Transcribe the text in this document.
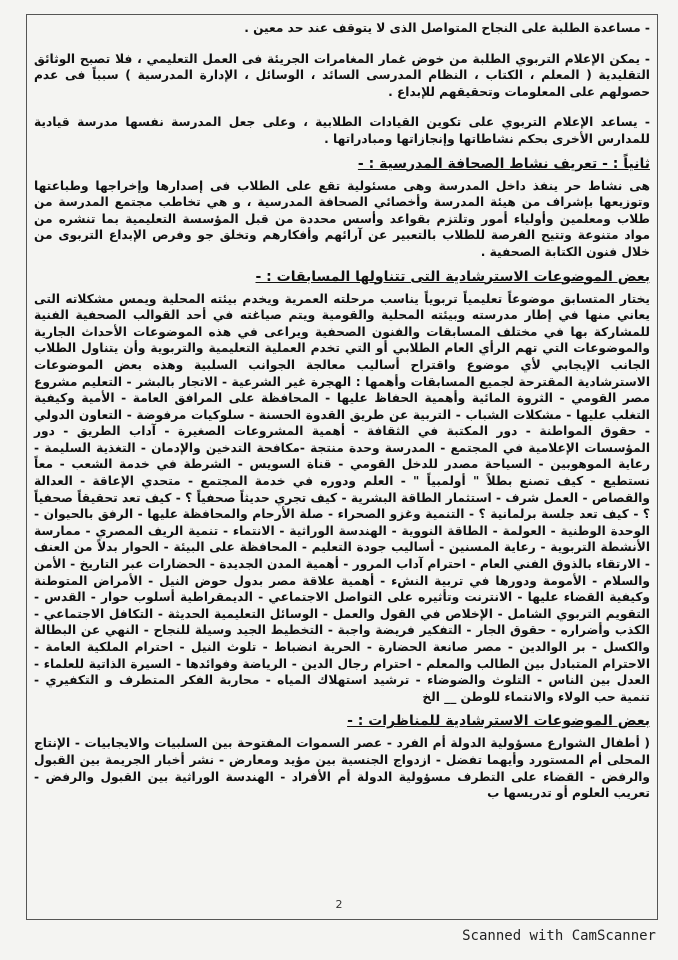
- مساعدة الطلبة على النجاح المتواصل الذى لا يتوقف عند حد معين .

- يمكن الإعلام التربوي الطلبة من خوض غمار المغامرات الجريئة فى العمل التعليمي ، فلا تصبح الوثائق التقليدية ( المعلم ، الكتاب ، النظام المدرسى السائد ، الوسائل ، الإدارة المدرسية ) سبباً فى عدم حصولهم على المعلومات وتحقيقهم للإبداع .

- يساعد الإعلام التربوي على تكوين القيادات الطلابية ، وعلى جعل المدرسة نفسها مدرسة قيادية للمدارس الأخرى بحكم نشاطاتها وإنجازاتها ومبادراتها .

ثانياً : - تعريف نشاط الصحافة المدرسية : -

هى نشاط حر ينفذ داخل المدرسة وهى مسئولية تقع على الطلاب فى إصدارها وإخراجها وطباعتها وتوزيعها بإشراف من هيئة المدرسة وأخصائي الصحافة المدرسية ، و هي تخاطب مجتمع المدرسة من طلاب ومعلمين وأولياء أمور وتلتزم بقواعد وأسس محددة من قبل المؤسسة التعليمية بما تنشره من مواد متنوعة وتتيح الفرصة للطلاب بالتعبير عن آرائهم وأفكارهم وتخلق جو وفرص الإبداع التربوى من خلال فنون الكتابة الصحفية .

بعض الموضوعات الاسترشادية التى تتناولها المسابقات : -

يختار المتسابق موضوعاً تعليمياً تربوياً يناسب مرحلته العمرية ويخدم بيئته المحلية ويمس مشكلاته التى يعاني منها في إطار مدرسته وبيئته المحلية والقومية ويتم صياغته في أحد القوالب الصحفية الفنية للمشاركة بها في مختلف المسابقات والفنون الصحفية ويراعى في هذه الموضوعات الأحداث الجارية والموضوعات التي تهم الرأي العام الطلابي أو التي تخدم العملية التعليمية والتربوية وأن يتناول الطلاب الجانب الإيجابي لأي موضوع واقتراح أساليب معالجة الجوانب السلبية وهذه بعض الموضوعات الاسترشادية المقترحة لجميع المسابقات وأهمها : الهجرة غير الشرعية - الاتجار بالبشر - التعليم مشروع مصر القومي - الثروة المائية وأهمية الحفاظ عليها - المحافظة على المرافق العامة - الأمية وكيفية التغلب عليها - مشكلات الشباب - التربية عن طريق القدوة الحسنة - سلوكيات مرفوضة - التعاون الدولي - حقوق المواطنة - دور المكتبة في الثقافة - أهمية المشروعات الصغيرة - آداب الطريق - دور المؤسسات الإعلامية في المجتمع - المدرسة وحدة منتجة -مكافحة التدخين والإدمان - التغذية السليمة - رعاية الموهوبين - السياحة مصدر للدخل القومي - قناة السويس - الشرطة في خدمة الشعب - معاً نستطيع - كيف تصنع بطلاً " أولمبياً " - العلم ودوره في خدمة المجتمع - متحدي الإعاقة - العدالة والقصاص - العمل شرف - استثمار الطاقة البشرية - كيف تجري حديثاً صحفياً ؟ - كيف تعد تحقيقاً صحفياً ؟ - كيف تعد جلسة برلمانية ؟ - التنمية وغزو الصحراء - صلة الأرحام والمحافظة عليها - الرفق بالحيوان - الوحدة الوطنية - العولمة - الطاقة النووية - الهندسة الوراثية - الانتماء - تنمية الريف المصري - ممارسة الأنشطة التربوية - رعاية المسنين - أساليب جودة التعليم - المحافظة على البيئة - الحوار بدلاً من العنف - الارتقاء بالذوق الفني العام - احترام آداب المرور - أهمية المدن الجديدة - الحضارات عبر التاريخ - الأمن والسلام - الأمومة ودورها في تربية النشء - أهمية علاقة مصر بدول حوض النيل - الأمراض المتوطنة وكيفية القضاء عليها - الانترنت وتأثيره على التواصل الاجتماعي - الديمقراطية أسلوب حوار - القدس - التقويم التربوي الشامل - الإخلاص في القول والعمل - الوسائل التعليمية الحديثة - التكافل الاجتماعي - الكذب وأضراره - حقوق الجار - التفكير فريضة واجبة - التخطيط الجيد وسيلة للنجاح - النهي عن البطالة والكسل - بر الوالدين - مصر صانعة الحضارة - الحرية انضباط - تلوث النيل - احترام الملكية العامة - الاحترام المتبادل بين الطالب والمعلم - احترام رجال الدين - الرياضة وفوائدها - السيرة الذاتية للعلماء - العدل بين الناس - التلوث والضوضاء - ترشيد استهلاك المياه - محاربة الفكر المتطرف و التكفيري - تنمية حب الولاء والانتماء للوطن __ الخ

بعض الموضوعات الاسترشادية للمناظرات : -

( أطفال الشوارع مسؤولية الدولة أم الفرد - عصر السموات المفتوحة بين السلبيات والايجابيات - الإنتاج المحلى أم المستورد وأيهما تفضل - ازدواج الجنسية بين مؤيد ومعارض - نشر أخبار الجريمة بين القبول والرفض - القضاء على التطرف مسؤولية الدولة أم الأفراد - الهندسة الوراثية بين القبول والرفض - تعريب العلوم أو تدريسها ب

2
Scanned with CamScanner
